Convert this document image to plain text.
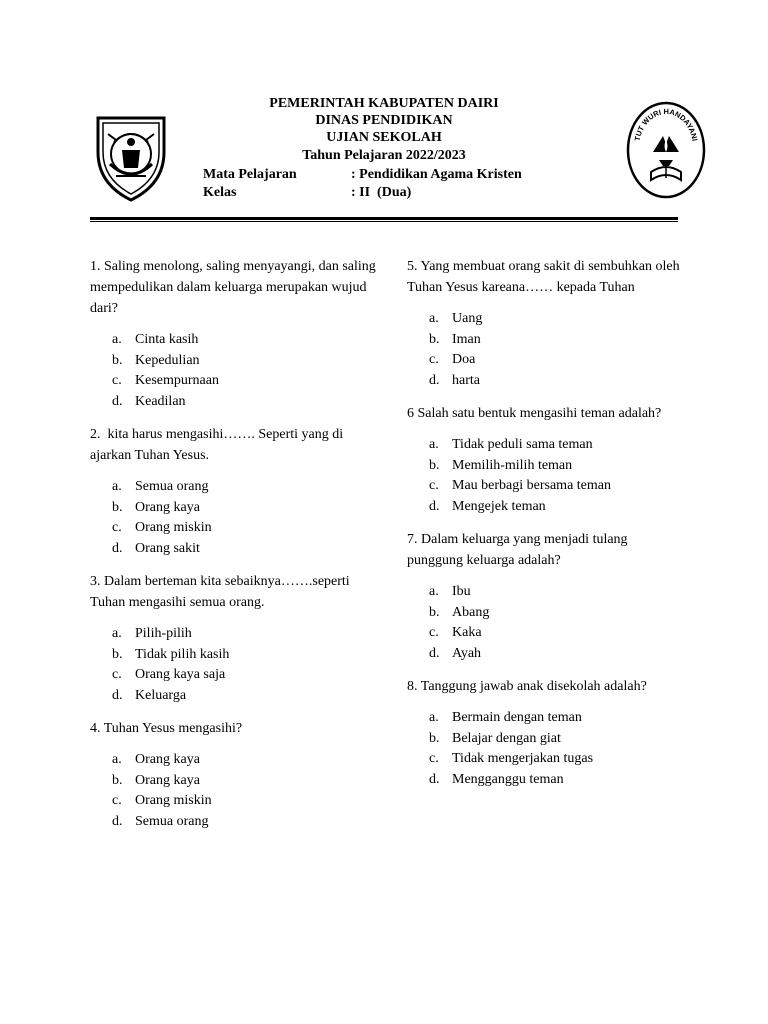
PEMERINTAH KABUPATEN DAIRI
DINAS PENDIDIKAN
UJIAN SEKOLAH
Tahun Pelajaran 2022/2023
Mata Pelajaran	: Pendidikan Agama Kristen
Kelas	: II  (Dua)
TUT WURI HANDAYANI

1. Saling menolong, saling menyayangi, dan saling mempedulikan dalam keluarga merupakan wujud dari?

a. Cinta kasih
b. Kepedulian
c. Kesempurnaan
d. Keadilan

2.  kita harus mengasihi……. Seperti yang di ajarkan Tuhan Yesus.

a. Semua orang
b. Orang kaya
c. Orang miskin
d. Orang sakit

3. Dalam berteman kita sebaiknya…….seperti Tuhan mengasihi semua orang.

a. Pilih-pilih
b. Tidak pilih kasih
c. Orang kaya saja
d. Keluarga

4. Tuhan Yesus mengasihi?

a. Orang kaya
b. Orang kaya
c. Orang miskin
d. Semua orang

5. Yang membuat orang sakit di sembuhkan oleh Tuhan Yesus kareana…… kepada Tuhan

a. Uang
b. Iman
c. Doa
d. harta

6 Salah satu bentuk mengasihi teman adalah?

a. Tidak peduli sama teman
b. Memilih-milih teman
c. Mau berbagi bersama teman
d. Mengejek teman

7. Dalam keluarga yang menjadi tulang punggung keluarga adalah?

a. Ibu
b. Abang
c. Kaka
d. Ayah

8. Tanggung jawab anak disekolah adalah?

a. Bermain dengan teman
b. Belajar dengan giat
c. Tidak mengerjakan tugas
d. Mengganggu teman
